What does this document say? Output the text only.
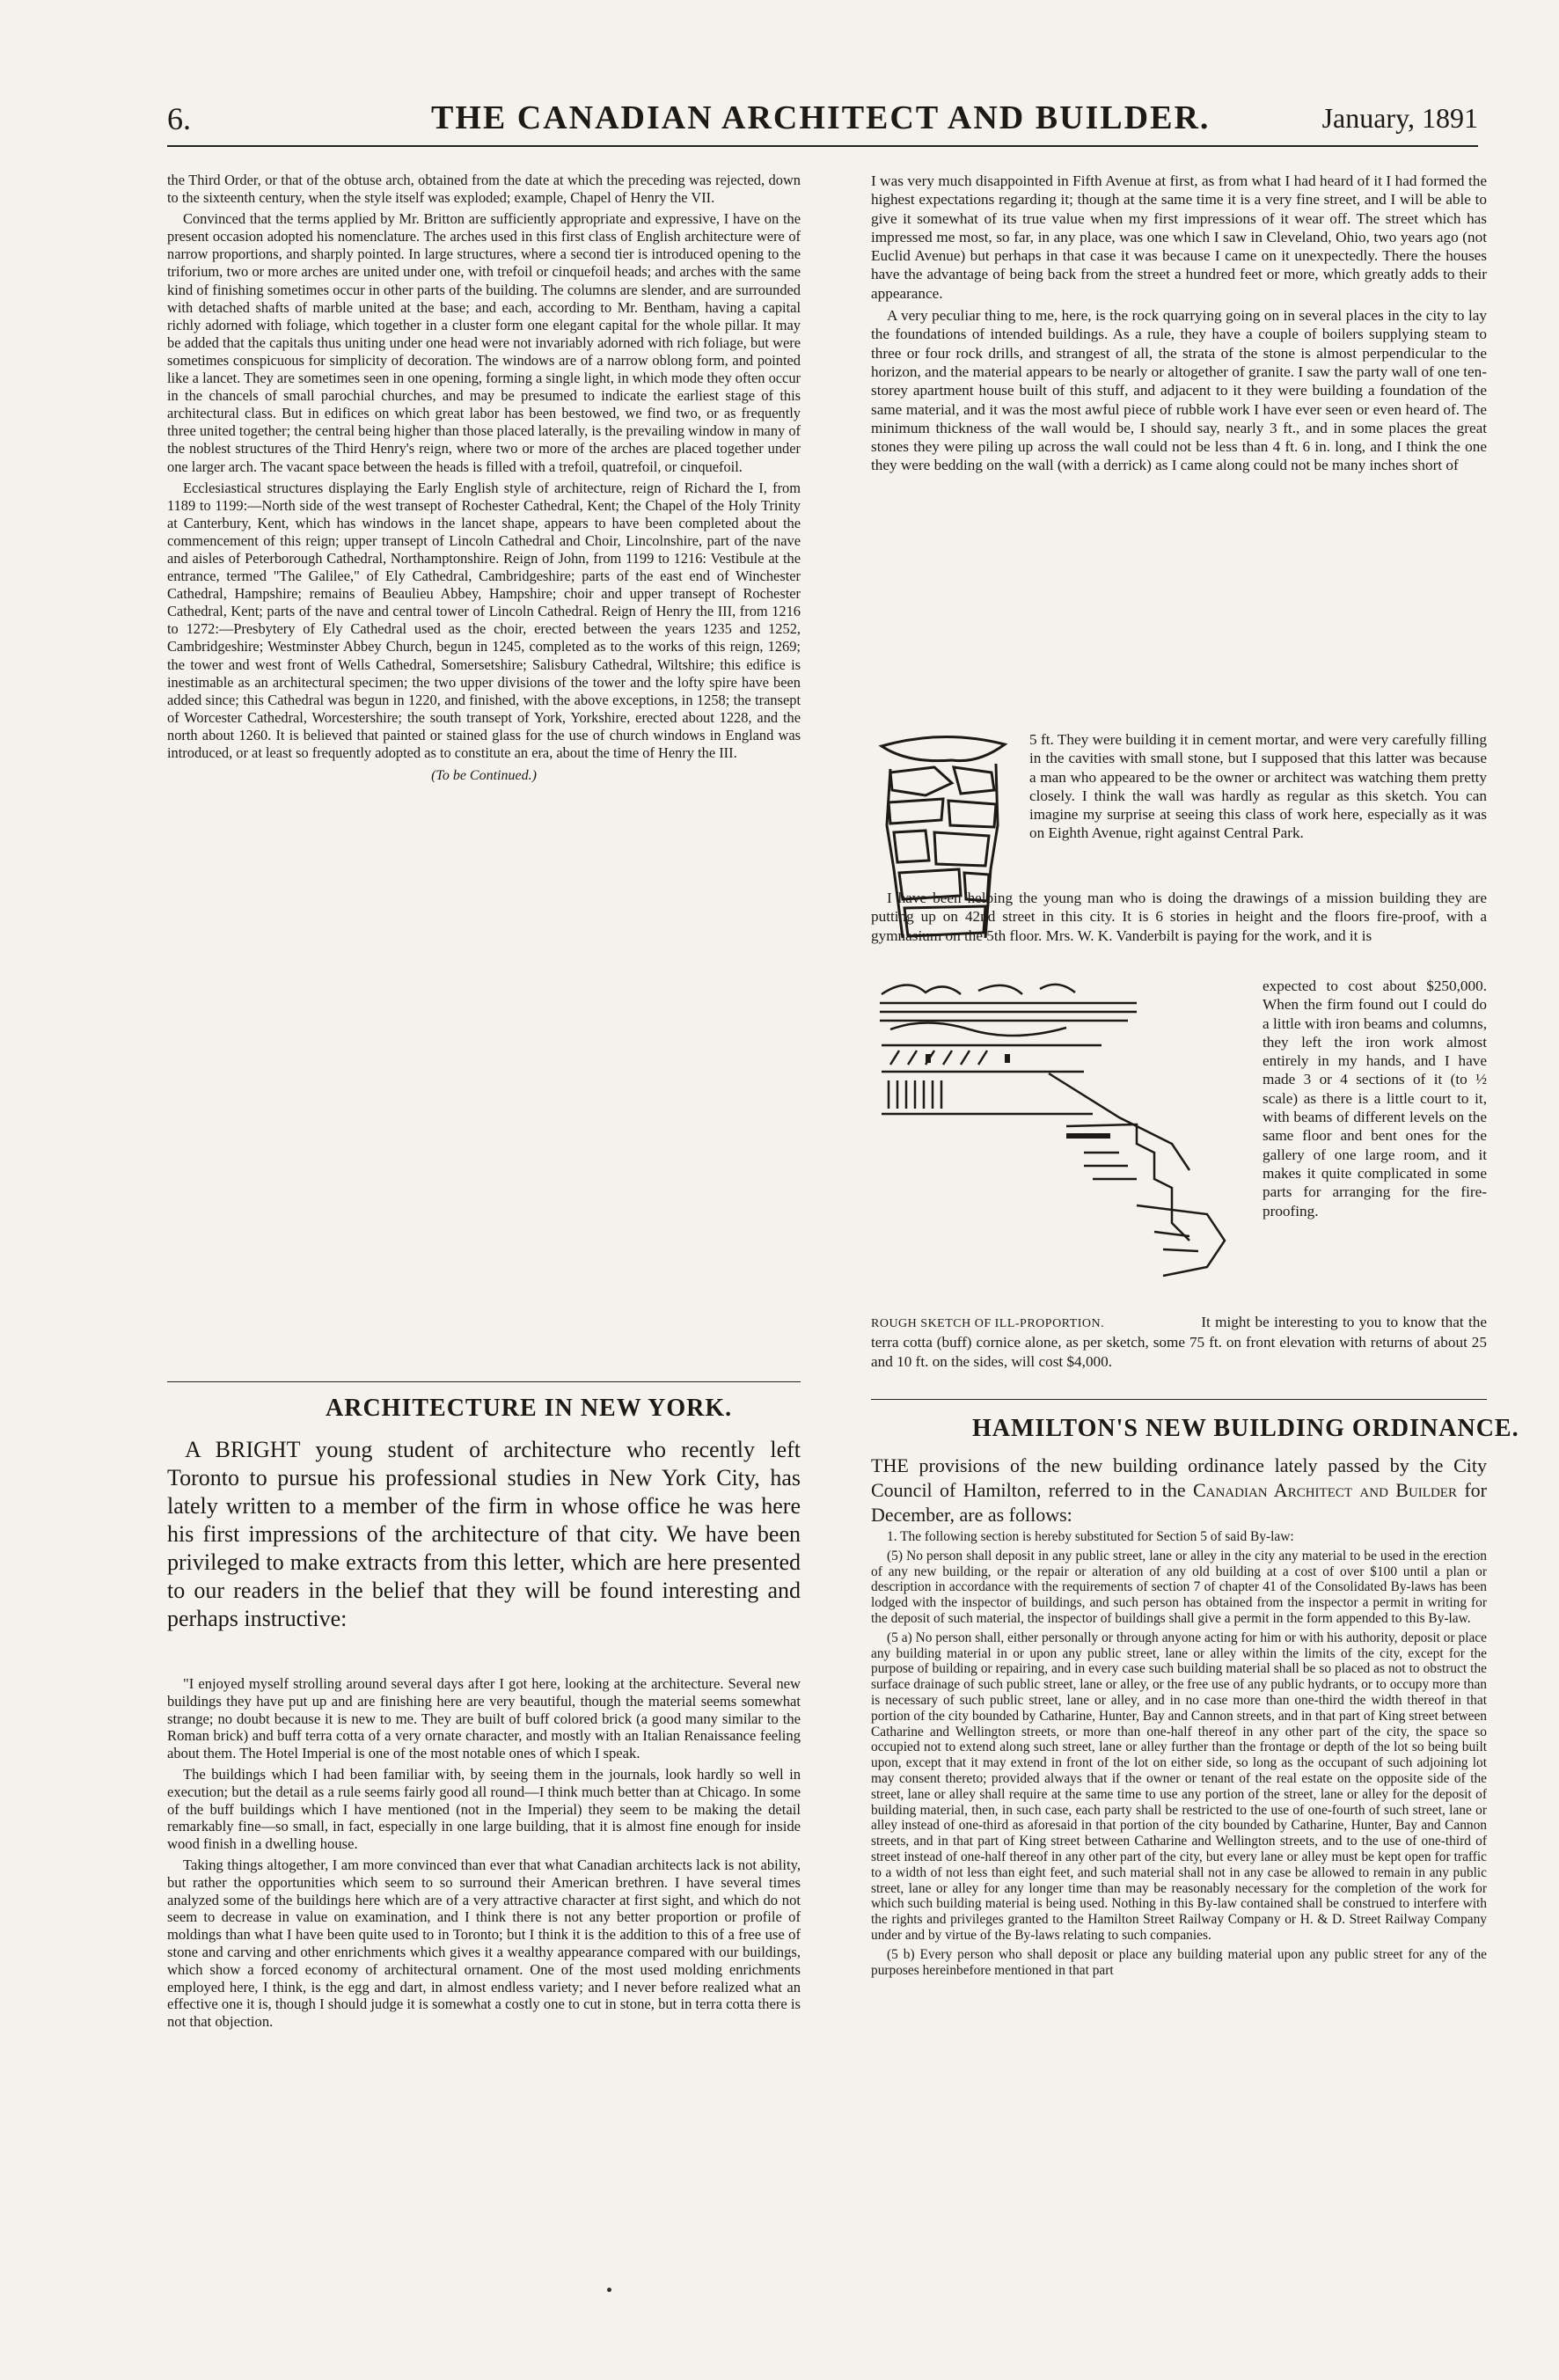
6.	THE CANADIAN ARCHITECT AND BUILDER.	January, 1891

the Third Order, or that of the obtuse arch, obtained from the date at which the preceding was rejected, down to the sixteenth century, when the style itself was exploded; example, Chapel of Henry the VII.

Convinced that the terms applied by Mr. Britton are sufficiently appropriate and expressive, I have on the present occasion adopted his nomenclature. The arches used in this first class of English architecture were of narrow proportions, and sharply pointed. In large structures, where a second tier is introduced opening to the triforium, two or more arches are united under one, with trefoil or cinquefoil heads; and arches with the same kind of finishing sometimes occur in other parts of the building. The columns are slender, and are surrounded with detached shafts of marble united at the base; and each, according to Mr. Bentham, having a capital richly adorned with foliage, which together in a cluster form one elegant capital for the whole pillar. It may be added that the capitals thus uniting under one head were not invariably adorned with rich foliage, but were sometimes conspicuous for simplicity of decoration. The windows are of a narrow oblong form, and pointed like a lancet. They are sometimes seen in one opening, forming a single light, in which mode they often occur in the chancels of small parochial churches, and may be presumed to indicate the earliest stage of this architectural class. But in edifices on which great labor has been bestowed, we find two, or as frequently three united together; the central being higher than those placed laterally, is the prevailing window in many of the noblest structures of the Third Henry's reign, where two or more of the arches are placed together under one larger arch. The vacant space between the heads is filled with a trefoil, quatrefoil, or cinquefoil.

Ecclesiastical structures displaying the Early English style of architecture, reign of Richard the I, from 1189 to 1199:—North side of the west transept of Rochester Cathedral, Kent; the Chapel of the Holy Trinity at Canterbury, Kent, which has windows in the lancet shape, appears to have been completed about the commencement of this reign; upper transept of Lincoln Cathedral and Choir, Lincolnshire, part of the nave and aisles of Peterborough Cathedral, Northamptonshire. Reign of John, from 1199 to 1216: Vestibule at the entrance, termed "The Galilee," of Ely Cathedral, Cambridgeshire; parts of the east end of Winchester Cathedral, Hampshire; remains of Beaulieu Abbey, Hampshire; choir and upper transept of Rochester Cathedral, Kent; parts of the nave and central tower of Lincoln Cathedral. Reign of Henry the III, from 1216 to 1272:—Presbytery of Ely Cathedral used as the choir, erected between the years 1235 and 1252, Cambridgeshire; Westminster Abbey Church, begun in 1245, completed as to the works of this reign, 1269; the tower and west front of Wells Cathedral, Somersetshire; Salisbury Cathedral, Wiltshire; this edifice is inestimable as an architectural specimen; the two upper divisions of the tower and the lofty spire have been added since; this Cathedral was begun in 1220, and finished, with the above exceptions, in 1258; the transept of Worcester Cathedral, Worcestershire; the south transept of York, Yorkshire, erected about 1228, and the north about 1260. It is believed that painted or stained glass for the use of church windows in England was introduced, or at least so frequently adopted as to constitute an era, about the time of Henry the III.

(To be Continued.)
ARCHITECTURE IN NEW YORK.

A BRIGHT young student of architecture who recently left Toronto to pursue his professional studies in New York City, has lately written to a member of the firm in whose office he was here his first impressions of the architecture of that city. We have been privileged to make extracts from this letter, which are here presented to our readers in the belief that they will be found interesting and perhaps instructive:

"I enjoyed myself strolling around several days after I got here, looking at the architecture. Several new buildings they have put up and are finishing here are very beautiful, though the material seems somewhat strange; no doubt because it is new to me. They are built of buff colored brick (a good many similar to the Roman brick) and buff terra cotta of a very ornate character, and mostly with an Italian Renaissance feeling about them. The Hotel Imperial is one of the most notable ones of which I speak.

The buildings which I had been familiar with, by seeing them in the journals, look hardly so well in execution; but the detail as a rule seems fairly good all round—I think much better than at Chicago. In some of the buff buildings which I have mentioned (not in the Imperial) they seem to be making the detail remarkably fine—so small, in fact, especially in one large building, that it is almost fine enough for inside wood finish in a dwelling house.

Taking things altogether, I am more convinced than ever that what Canadian architects lack is not ability, but rather the opportunities which seem to so surround their American brethren. I have several times analyzed some of the buildings here which are of a very attractive character at first sight, and which do not seem to decrease in value on examination, and I think there is not any better proportion or profile of moldings than what I have been quite used to in Toronto; but I think it is the addition to this of a free use of stone and carving and other enrichments which gives it a wealthy appearance compared with our buildings, which show a forced economy of architectural ornament. One of the most used molding enrichments employed here, I think, is the egg and dart, in almost endless variety; and I never before realized what an effective one it is, though I should judge it is somewhat a costly one to cut in stone, but in terra cotta there is not that objection.

I was very much disappointed in Fifth Avenue at first, as from what I had heard of it I had formed the highest expectations regarding it; though at the same time it is a very fine street, and I will be able to give it somewhat of its true value when my first impressions of it wear off. The street which has impressed me most, so far, in any place, was one which I saw in Cleveland, Ohio, two years ago (not Euclid Avenue) but perhaps in that case it was because I came on it unexpectedly. There the houses have the advantage of being back from the street a hundred feet or more, which greatly adds to their appearance.

A very peculiar thing to me, here, is the rock quarrying going on in several places in the city to lay the foundations of intended buildings. As a rule, they have a couple of boilers supplying steam to three or four rock drills, and strangest of all, the strata of the stone is almost perpendicular to the horizon, and the material appears to be nearly or altogether of granite. I saw the party wall of one ten-storey apartment house built of this stuff, and adjacent to it they were building a foundation of the same material, and it was the most awful piece of rubble work I have ever seen or even heard of. The minimum thickness of the wall would be, I should say, nearly 3 ft., and in some places the great stones they were piling up across the wall could not be less than 4 ft. 6 in. long, and I think the one they were bedding on the wall (with a derrick) as I came along could not be many inches short of

5 ft. They were building it in cement mortar, and were very carefully filling in the cavities with small stone, but I supposed that this latter was because a man who appeared to be the owner or architect was watching them pretty closely. I think the wall was hardly as regular as this sketch. You can imagine my surprise at seeing this class of work here, especially as it was on Eighth Avenue, right against Central Park.
I have been helping the young man who is doing the drawings of a mission building they are putting up on 42nd street in this city. It is 6 stories in height and the floors fire-proof, with a gymnasium on the 5th floor. Mrs. W. K. Vanderbilt is paying for the work, and it is
expected to cost about $250,000. When the firm found out I could do a little with iron beams and columns, they left the iron work almost entirely in my hands, and I have made 3 or 4 sections of it (to ½ scale) as there is a little court to it, with beams of different levels on the same floor and bent ones for the gallery of one large room, and it makes it quite complicated in some parts for arranging for the fire-proofing.
ROUGH SKETCH OF ILL-PROPORTION.	It might be interesting to you to know that the terra cotta (buff) cornice alone, as per sketch, some 75 ft. on front elevation with returns of about 25 and 10 ft. on the sides, will cost $4,000.
HAMILTON'S NEW BUILDING ORDINANCE.

THE provisions of the new building ordinance lately passed by the City Council of Hamilton, referred to in the Canadian Architect and Builder for December, are as follows:

1. The following section is hereby substituted for Section 5 of said By-law:

(5) No person shall deposit in any public street, lane or alley in the city any material to be used in the erection of any new building, or the repair or alteration of any old building at a cost of over $100 until a plan or description in accordance with the requirements of section 7 of chapter 41 of the Consolidated By-laws has been lodged with the inspector of buildings, and such person has obtained from the inspector a permit in writing for the deposit of such material, the inspector of buildings shall give a permit in the form appended to this By-law.

(5 a) No person shall, either personally or through anyone acting for him or with his authority, deposit or place any building material in or upon any public street, lane or alley within the limits of the city, except for the purpose of building or repairing, and in every case such building material shall be so placed as not to obstruct the surface drainage of such public street, lane or alley, or the free use of any public hydrants, or to occupy more than is necessary of such public street, lane or alley, and in no case more than one-third the width thereof in that portion of the city bounded by Catharine, Hunter, Bay and Cannon streets, and in that part of King street between Catharine and Wellington streets, or more than one-half thereof in any other part of the city, the space so occupied not to extend along such street, lane or alley further than the frontage or depth of the lot so being built upon, except that it may extend in front of the lot on either side, so long as the occupant of such adjoining lot may consent thereto; provided always that if the owner or tenant of the real estate on the opposite side of the street, lane or alley shall require at the same time to use any portion of the street, lane or alley for the deposit of building material, then, in such case, each party shall be restricted to the use of one-fourth of such street, lane or alley instead of one-third as aforesaid in that portion of the city bounded by Catharine, Hunter, Bay and Cannon streets, and in that part of King street between Catharine and Wellington streets, and to the use of one-third of street instead of one-half thereof in any other part of the city, but every lane or alley must be kept open for traffic to a width of not less than eight feet, and such material shall not in any case be allowed to remain in any public street, lane or alley for any longer time than may be reasonably necessary for the completion of the work for which such building material is being used. Nothing in this By-law contained shall be construed to interfere with the rights and privileges granted to the Hamilton Street Railway Company or H. & D. Street Railway Company under and by virtue of the By-laws relating to such companies.

(5 b) Every person who shall deposit or place any building material upon any public street for any of the purposes hereinbefore mentioned in that part
